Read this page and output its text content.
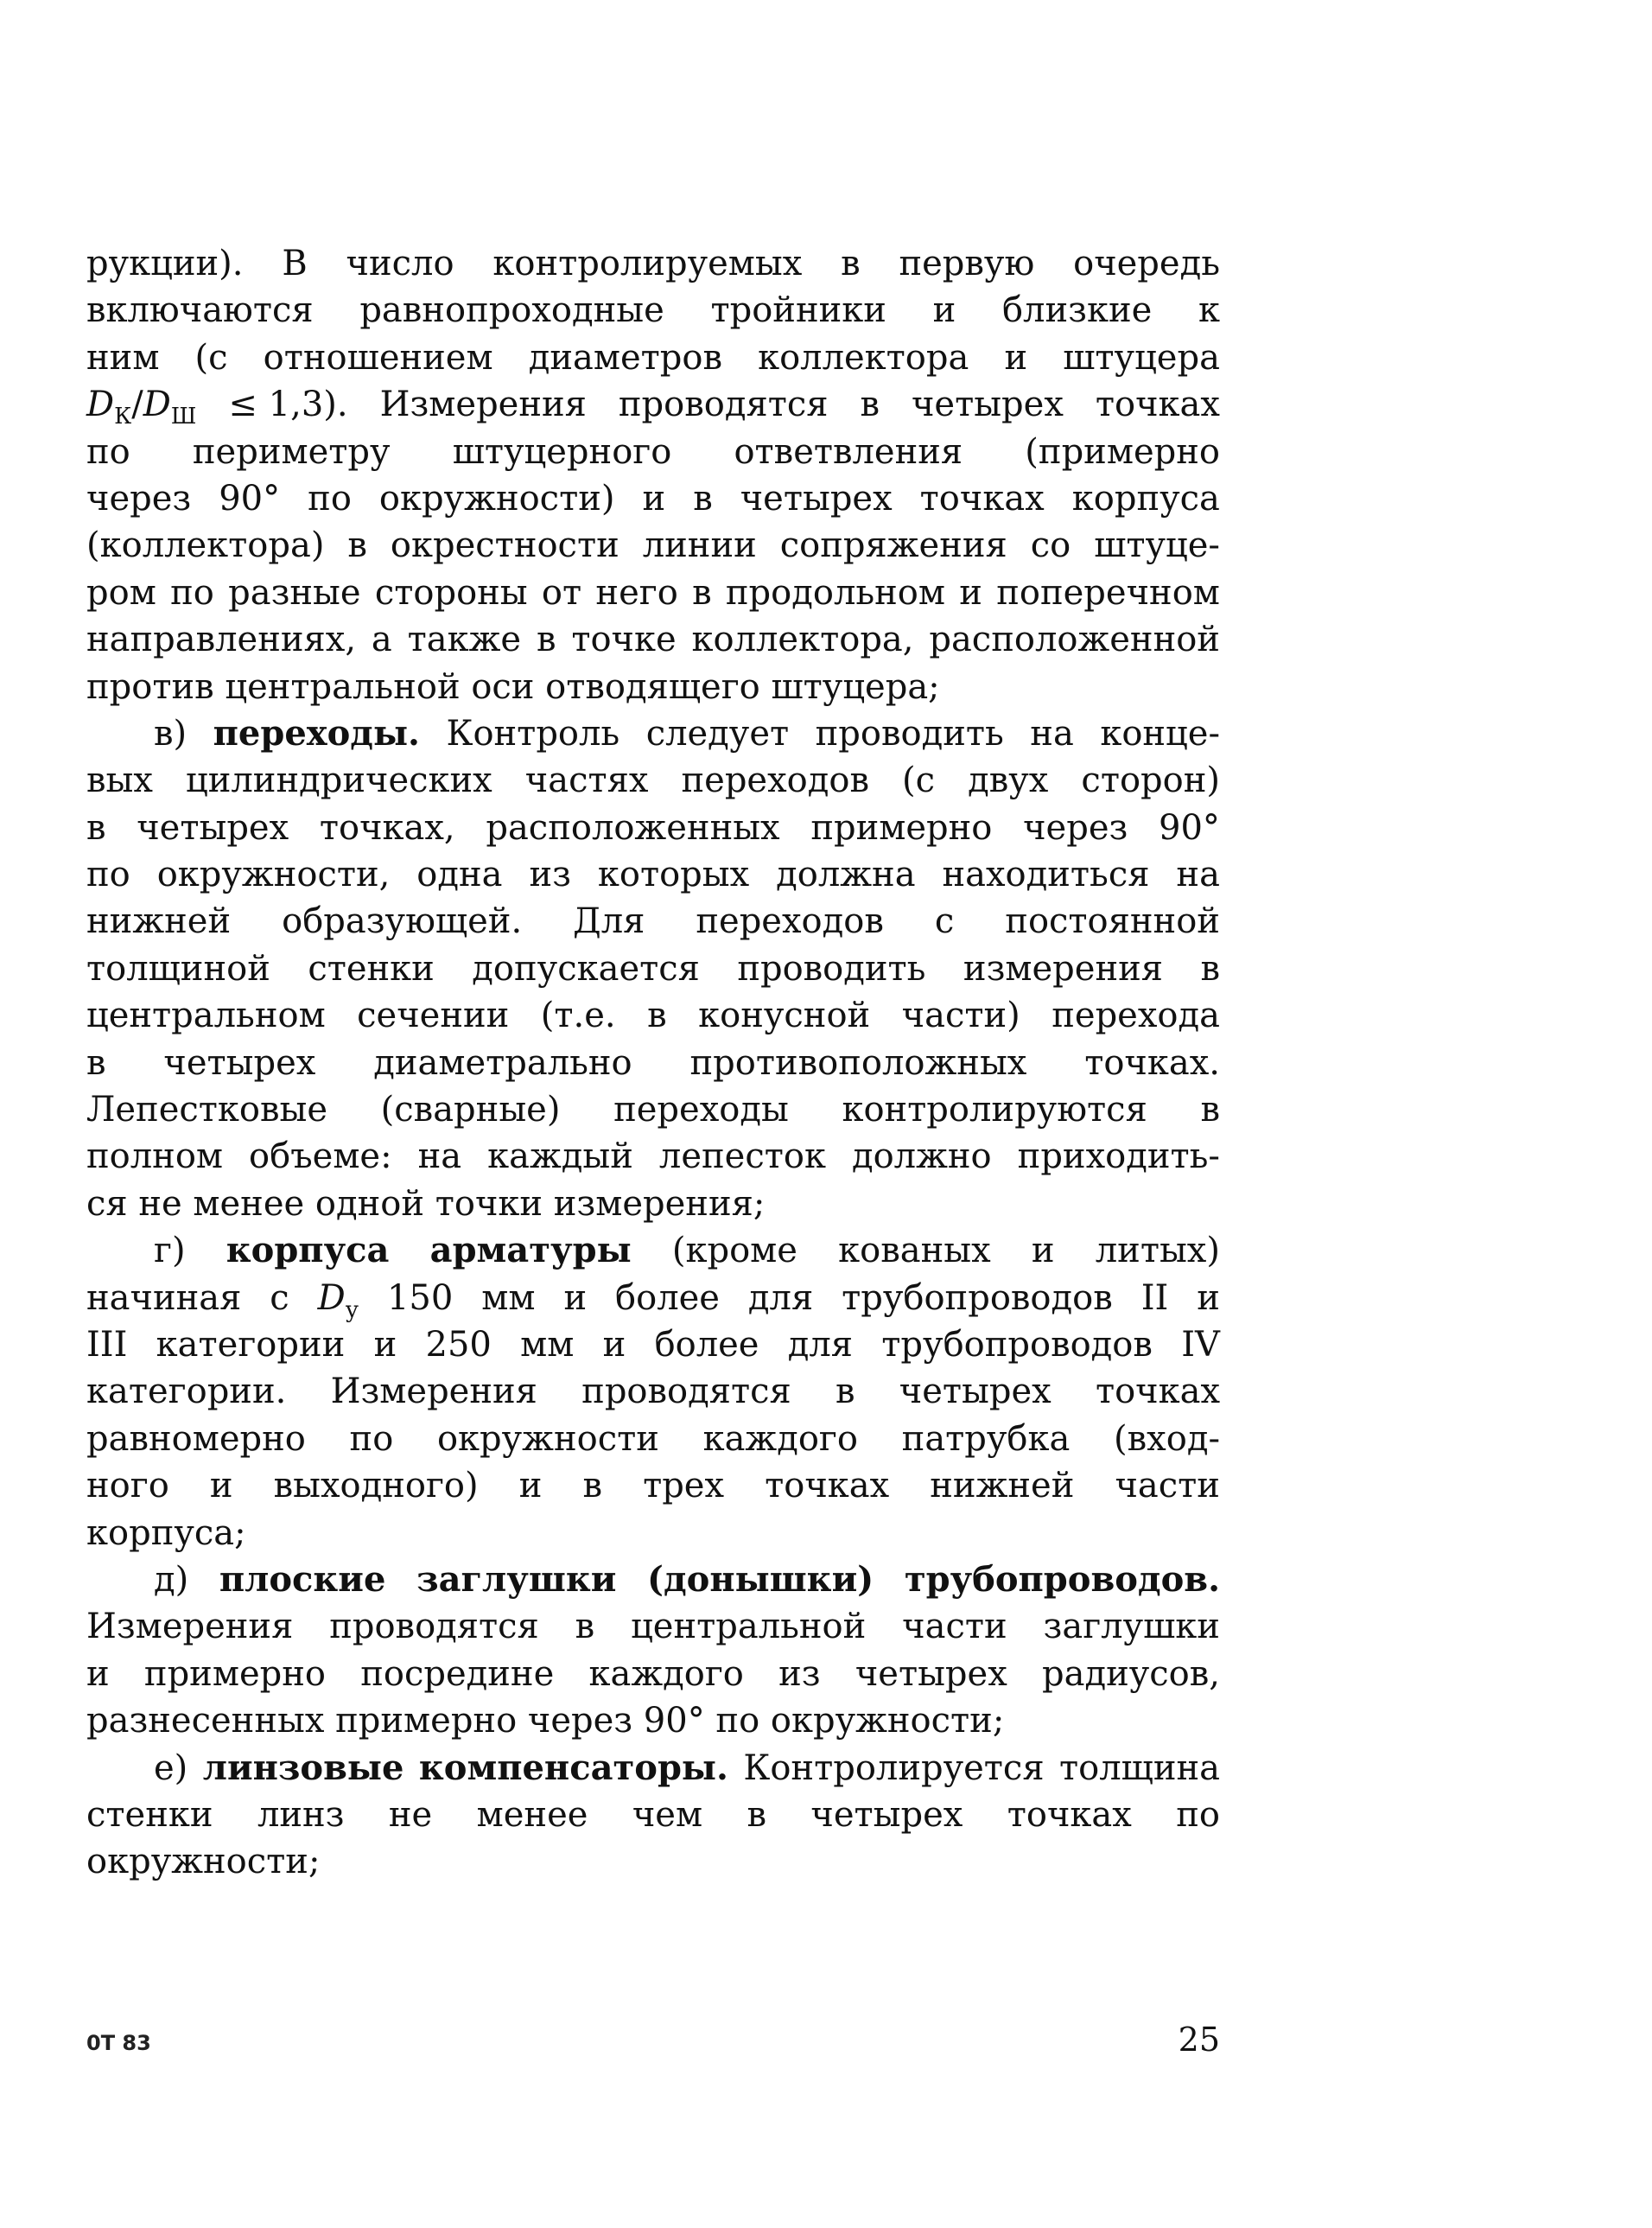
рукции). В число контролируемых в первую очередь
включаются равнопроходные тройники и близкие к
ним (с отношением диаметров коллектора и штуцера
$D_К/D_Ш \le 1,3$). Измерения проводятся в четырех точках
по периметру штуцерного ответвления (примерно
через 90° по окружности) и в четырех точках корпуса
(коллектора) в окрестности линии сопряжения со штуце-
ром по разные стороны от него в продольном и поперечном
направлениях, а также в точке коллектора, расположенной
против центральной оси отводящего штуцера;
в) переходы. Контроль следует проводить на конце-
вых цилиндрических частях переходов (с двух сторон)
в четырех точках, расположенных примерно через 90°
по окружности, одна из которых должна находиться на
нижней образующей. Для переходов с постоянной
толщиной стенки допускается проводить измерения в
центральном сечении (т.е. в конусной части) перехода
в четырех диаметрально противоположных точках.
Лепестковые (сварные) переходы контролируются в
полном объеме: на каждый лепесток должно приходить-
ся не менее одной точки измерения;
г) корпуса арматуры (кроме кованых и литых)
начиная с $D_у$ 150 мм и более для трубопроводов II и
III категории и 250 мм и более для трубопроводов IV
категории. Измерения проводятся в четырех точках
равномерно по окружности каждого патрубка (вход-
ного и выходного) и в трех точках нижней части
корпуса;
д) плоские заглушки (донышки) трубопроводов.
Измерения проводятся в центральной части заглушки
и примерно посредине каждого из четырех радиусов,
разнесенных примерно через 90° по окружности;
е) линзовые компенсаторы. Контролируется толщина
стенки линз не менее чем в четырех точках по
окружности;
0Т 83	25
